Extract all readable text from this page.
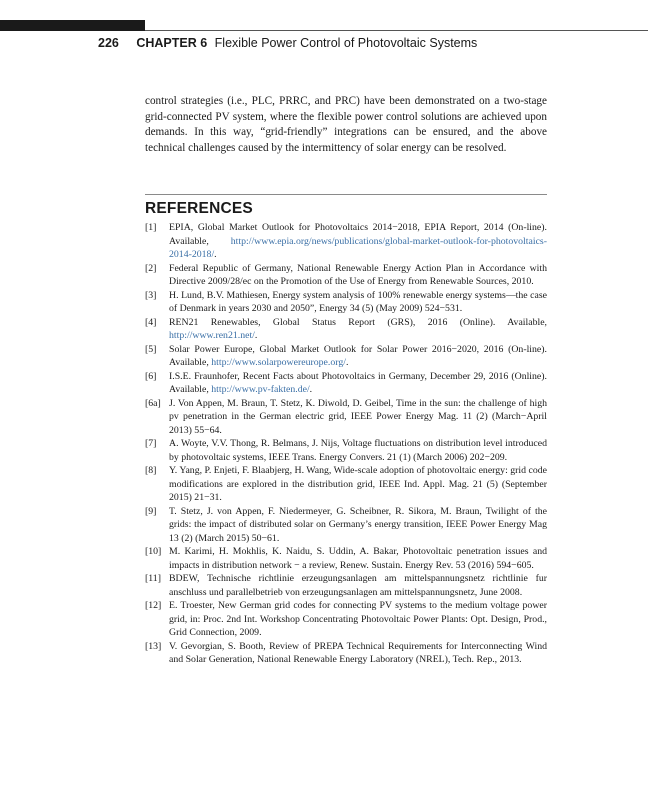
226 CHAPTER 6 Flexible Power Control of Photovoltaic Systems

control strategies (i.e., PLC, PRRC, and PRC) have been demonstrated on a two-stage grid-connected PV system, where the flexible power control solutions are achieved upon demands. In this way, “grid-friendly” integrations can be ensured, and the above technical challenges caused by the intermittency of solar energy can be resolved.

REFERENCES
[1] EPIA, Global Market Outlook for Photovoltaics 2014−2018, EPIA Report, 2014 (On-line). Available, http://www.epia.org/news/publications/global-market-outlook-for-photovoltaics-2014-2018/.
[2] Federal Republic of Germany, National Renewable Energy Action Plan in Accordance with Directive 2009/28/ec on the Promotion of the Use of Energy from Renewable Sources, 2010.
[3] H. Lund, B.V. Mathiesen, Energy system analysis of 100% renewable energy systems—the case of Denmark in years 2030 and 2050”, Energy 34 (5) (May 2009) 524−531.
[4] REN21 Renewables, Global Status Report (GRS), 2016 (Online). Available, http://www.ren21.net/.
[5] Solar Power Europe, Global Market Outlook for Solar Power 2016−2020, 2016 (On-line). Available, http://www.solarpowereurope.org/.
[6] I.S.E. Fraunhofer, Recent Facts about Photovoltaics in Germany, December 29, 2016 (Online). Available, http://www.pv-fakten.de/.
[6a] J. Von Appen, M. Braun, T. Stetz, K. Diwold, D. Geibel, Time in the sun: the challenge of high pv penetration in the German electric grid, IEEE Power Energy Mag. 11 (2) (March−April 2013) 55−64.
[7] A. Woyte, V.V. Thong, R. Belmans, J. Nijs, Voltage fluctuations on distribution level introduced by photovoltaic systems, IEEE Trans. Energy Convers. 21 (1) (March 2006) 202−209.
[8] Y. Yang, P. Enjeti, F. Blaabjerg, H. Wang, Wide-scale adoption of photovoltaic energy: grid code modifications are explored in the distribution grid, IEEE Ind. Appl. Mag. 21 (5) (September 2015) 21−31.
[9] T. Stetz, J. von Appen, F. Niedermeyer, G. Scheibner, R. Sikora, M. Braun, Twilight of the grids: the impact of distributed solar on Germany’s energy transition, IEEE Power Energy Mag 13 (2) (March 2015) 50−61.
[10] M. Karimi, H. Mokhlis, K. Naidu, S. Uddin, A. Bakar, Photovoltaic penetration issues and impacts in distribution network − a review, Renew. Sustain. Energy Rev. 53 (2016) 594−605.
[11] BDEW, Technische richtlinie erzeugungsanlagen am mittelspannungsnetz richtlinie fur anschluss und parallelbetrieb von erzeugungsanlagen am mittelspannungsnetz, June 2008.
[12] E. Troester, New German grid codes for connecting PV systems to the medium voltage power grid, in: Proc. 2nd Int. Workshop Concentrating Photovoltaic Power Plants: Opt. Design, Prod., Grid Connection, 2009.
[13] V. Gevorgian, S. Booth, Review of PREPA Technical Requirements for Interconnecting Wind and Solar Generation, National Renewable Energy Laboratory (NREL), Tech. Rep., 2013.
